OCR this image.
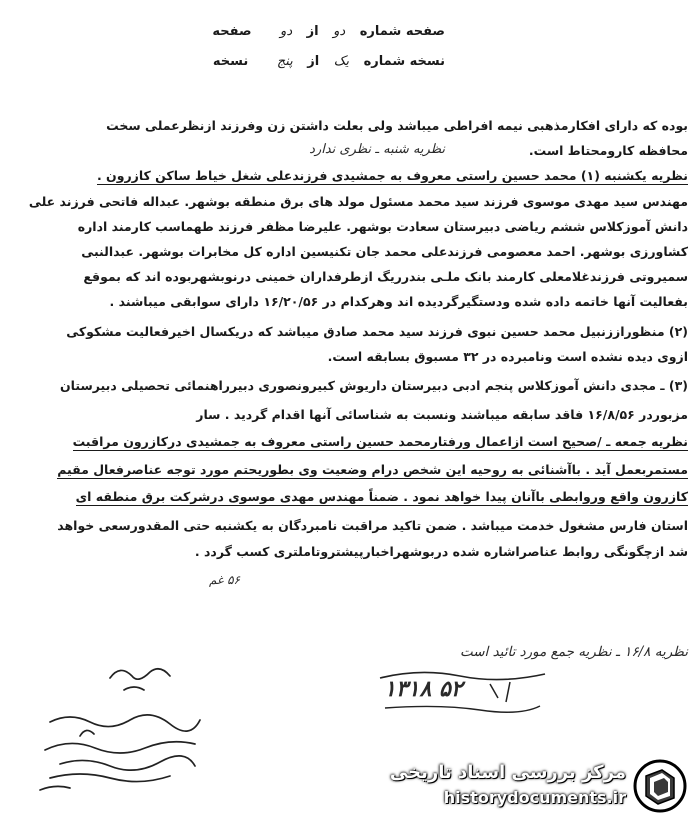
صفحه شماره دو از دو صفحه
نسخه شماره یک از پنج نسخه
بوده که دارای افکارمذهبی نیمه افراطی میباشد ولی بعلت داشتن زن وفرزند ازنظرعملی سخت
محافظه کارومحتاط است.
نظریه شنبه ـ نظری ندارد
نظریه یکشنبه (۱) محمد حسین راستی معروف به جمشیدی فرزندعلی شغل خیاط ساکن کازرون .
مهندس سید مهدی موسوی فرزند سید محمد مسئول مولد های برق منطقه بوشهر. عبداله فاتحی فرزند علی
دانش آموزکلاس ششم ریاضی دبیرستان سعادت بوشهر. علیرضا مظفر فرزند طهماسب کارمند اداره
کشاورزی بوشهر. احمد معصومی فرزندعلی محمد جان تکنیسین اداره کل مخابرات بوشهر. عبدالنبی
سمیروتی فرزندغلامعلی کارمند بانک ملـی بندرریگ ازطرفداران خمینی درنوبشهربوده اند که بموقع
بفعالیت آنها خاتمه داده شده ودستگیرگردیده اند وهرکدام در ۱۶/۲۰/۵۶ دارای سوابقی میباشند .
(۲) منظوراززنبیل محمد حسین نبوی فرزند سید محمد صادق میباشد که دریکسال اخیرفعالیت مشکوکی
ازوی دیده نشده است ونامبرده در ۳۲ مسبوق بسابقه است.
(۳) ـ مجدی دانش آموزکلاس پنجم ادبی دبیرستان داریوش کبیرونصوری دبیرراهنمائی تحصیلی دبیرستان
مزبوردر ۱۶/۸/۵۶ فاقد سابقه میباشند ونسبت به شناسائی آنها اقدام گردید . سار
نظریه جمعه ـ /صحیح است ازاعمال ورفتارمحمد حسین راستی معروف به جمشیدی درکازرون مراقبت
مستمربعمل آید . باآشنائی به روحیه این شخص درام وضعیت وی بطوریحتم مورد توجه عناصرفعال مقیم
کازرون واقع وروابطی باآنان پیدا خواهد نمود . ضمناً مهندس مهدی موسوی درشرکت برق منطقه ای
استان فارس مشغول خدمت میباشد . ضمن تاکید مراقبت نامبردگان به یکشنبه حتی المقدورسعی خواهد
شد ازچگونگی روابط عناصراشاره شده دربوشهراخبارپیشتروتاملتری کسب گردد .
۵۶ غم
نظریه ۱۶/۸ ـ نظریه جمع مورد تائید است
۵۲ ۱۳۱۸
مرکز بررسی اسناد تاریخی
historydocuments.ir
